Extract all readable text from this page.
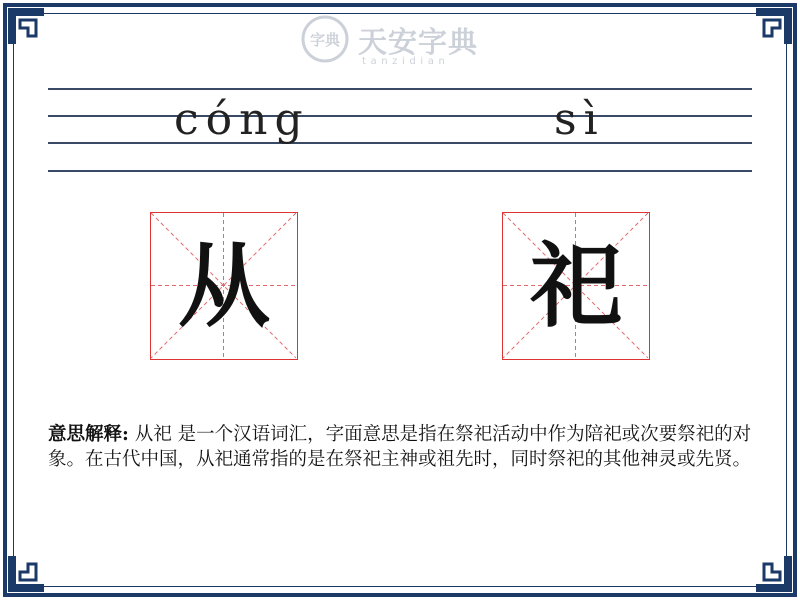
字典 天安字典
tanzidian
cóng	sì
从	祀
意思解释: 从祀 是一个汉语词汇，字面意思是指在祭祀活动中作为陪祀或次要祭祀的对象。在古代中国，从祀通常指的是在祭祀主神或祖先时，同时祭祀的其他神灵或先贤。
